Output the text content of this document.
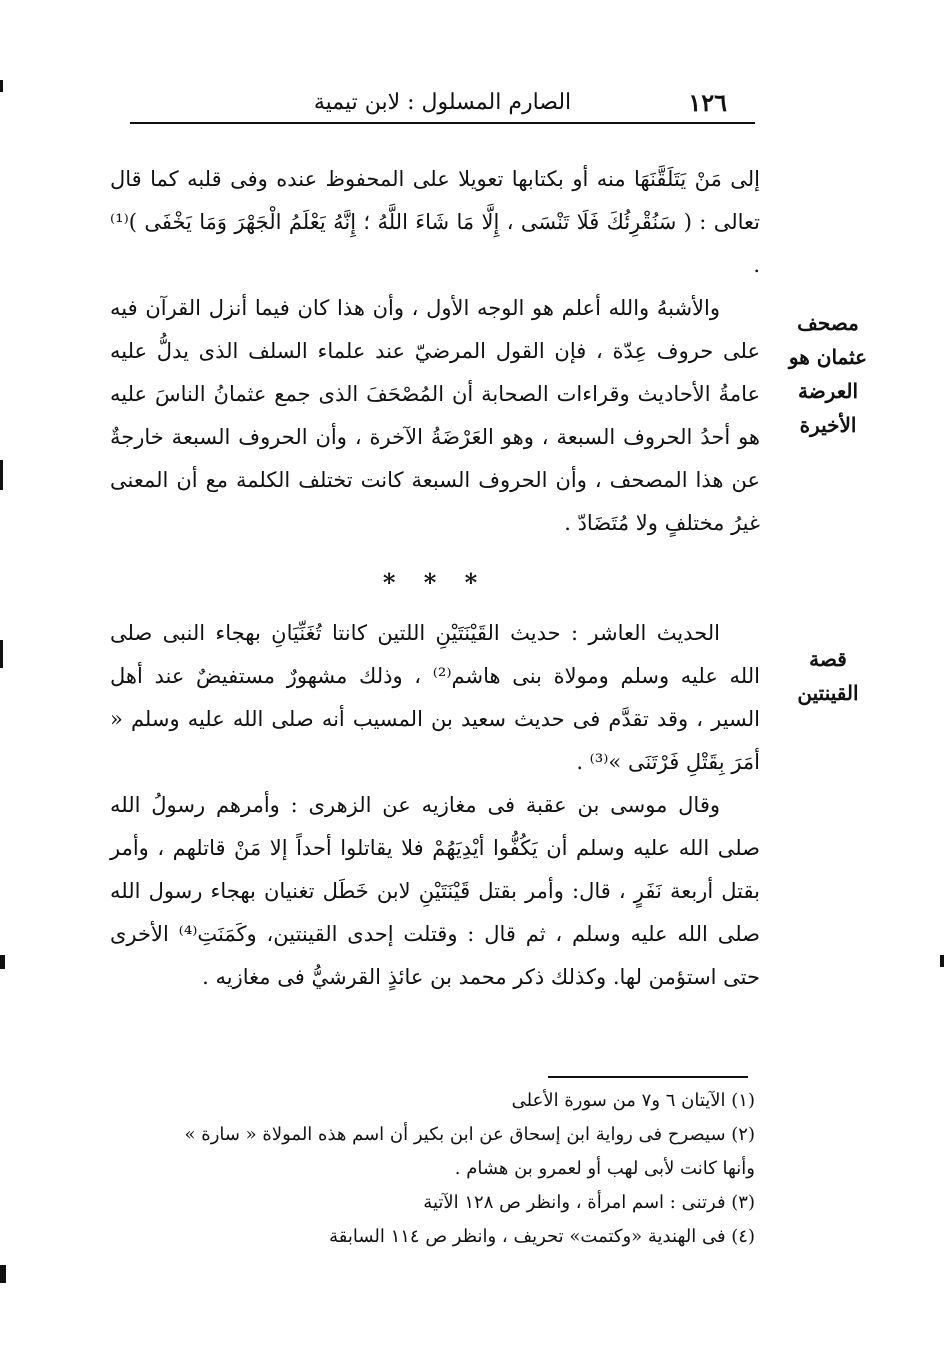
١٢٦
الصارم المسلول : لابن تيمية

إلى مَنْ يَتَلَقَّنَهَا منه أو بكتابها تعويلا على المحفوظ عنده وفى قلبه كما قال تعالى : ( سَنُقْرِئُكَ فَلَا تَنْسَى ، إِلَّا مَا شَاءَ اللَّهُ ؛ إِنَّهُ يَعْلَمُ الْجَهْرَ وَمَا يَخْفَى )⁽¹⁾ .

والأشبهُ والله أعلم هو الوجه الأول ، وأن هذا كان فيما أنزل القرآن فيه على حروف عِدّة ، فإن القول المرضيّ عند علماء السلف الذى يدلُّ عليه عامةُ الأحاديث وقراءات الصحابة أن المُصْحَفَ الذى جمع عثمانُ الناسَ عليه هو أحدُ الحروف السبعة ، وهو العَرْضَةُ الآخرة ، وأن الحروف السبعة خارجةٌ عن هذا المصحف ، وأن الحروف السبعة كانت تختلف الكلمة مع أن المعنى غيرُ مختلفٍ ولا مُتَضَادّ .

مصحف عثمان هو العرضة الأخيرة
* * *

الحديث العاشر : حديث القَيْنَتَيْنِ اللتين كانتا تُغَنِّيَانِ بهجاء النبى صلى الله عليه وسلم ومولاة بنى هاشم⁽²⁾ ، وذلك مشهورٌ مستفيضٌ عند أهل السير ، وقد تقدَّم فى حديث سعيد بن المسيب أنه صلى الله عليه وسلم « أمَرَ بِقَتْلِ فَرْتَنَى »⁽³⁾ .

وقال موسى بن عقبة فى مغازيه عن الزهرى : وأمرهم رسولُ الله صلى الله عليه وسلم أن يَكُفُّوا أيْدِيَهُمْ فلا يقاتلوا أحداً إلا مَنْ قاتلهم ، وأمر بقتل أربعة نَفَرٍ ، قال: وأمر بقتل قَيْنَتَيْنِ لابن خَطَل تغنيان بهجاء رسول الله صلى الله عليه وسلم ، ثم قال : وقتلت إحدى القينتين، وكَمَنَتِ⁽⁴⁾ الأخرى حتى استؤمن لها. وكذلك ذكر محمد بن عائذٍ القرشيُّ فى مغازيه .

قصة القينتين

(١) الآيتان ٦ و٧ من سورة الأعلى

(٢) سيصرح فى رواية ابن إسحاق عن ابن بكير أن اسم هذه المولاة « سارة » وأنها كانت لأبى لهب أو لعمرو بن هشام .

(٣) فرتنى : اسم امرأة ، وانظر ص ١٢٨ الآتية

(٤) فى الهندية «وكتمت» تحريف ، وانظر ص ١١٤ السابقة
